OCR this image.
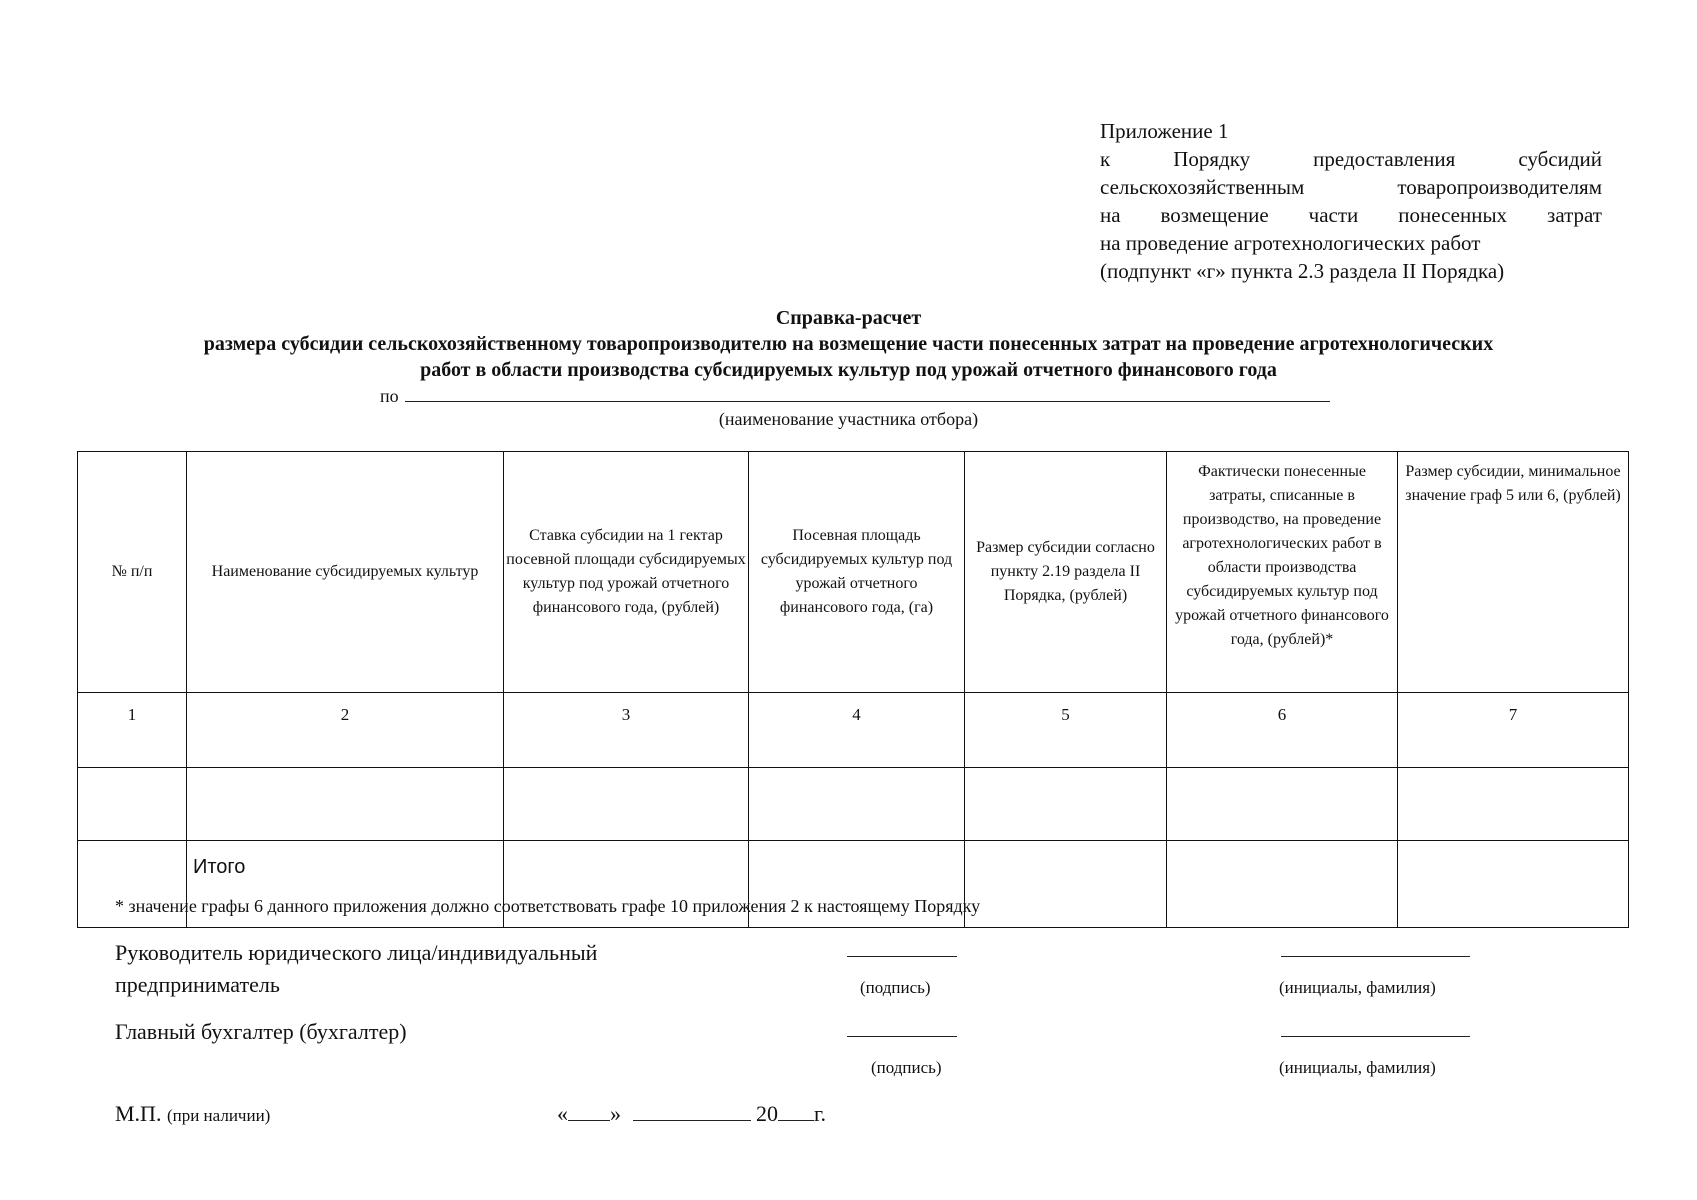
Приложение 1
к Порядку предоставления субсидий
сельскохозяйственным товаропроизводителям
на возмещение части понесенных затрат
на проведение агротехнологических работ
(подпункт «г» пункта 2.3 раздела II Порядка)
Справка-расчет
размера субсидии сельскохозяйственному товаропроизводителю на возмещение части понесенных затрат на проведение агротехнологических
работ в области производства субсидируемых культур под урожай отчетного финансового года
по
(наименование участника отбора)
№ п/п	Наименование субсидируемых культур	Ставка субсидии на 1 гектар посевной площади субсидируемых культур под урожай отчетного финансового года, (рублей)	Посевная площадь субсидируемых культур под урожай отчетного финансового года, (га)	Размер субсидии согласно пункту 2.19 раздела II Порядка, (рублей)	Фактически понесенные затраты, списанные в производство, на проведение агротехнологических работ в области производства субсидируемых культур под урожай отчетного финансового года, (рублей)*	Размер субсидии, минимальное значение граф 5 или 6, (рублей)
1	2	3	4	5	6	7

	Итого					
* значение графы 6 данного приложения должно соответствовать графе 10 приложения 2 к настоящему Порядку
Руководитель юридического лица/индивидуальный
предприниматель	(подпись)	(инициалы, фамилия)
Главный бухгалтер (бухгалтер)
(подпись)	(инициалы, фамилия)
М.П. (при наличии)	« »	20 г.
